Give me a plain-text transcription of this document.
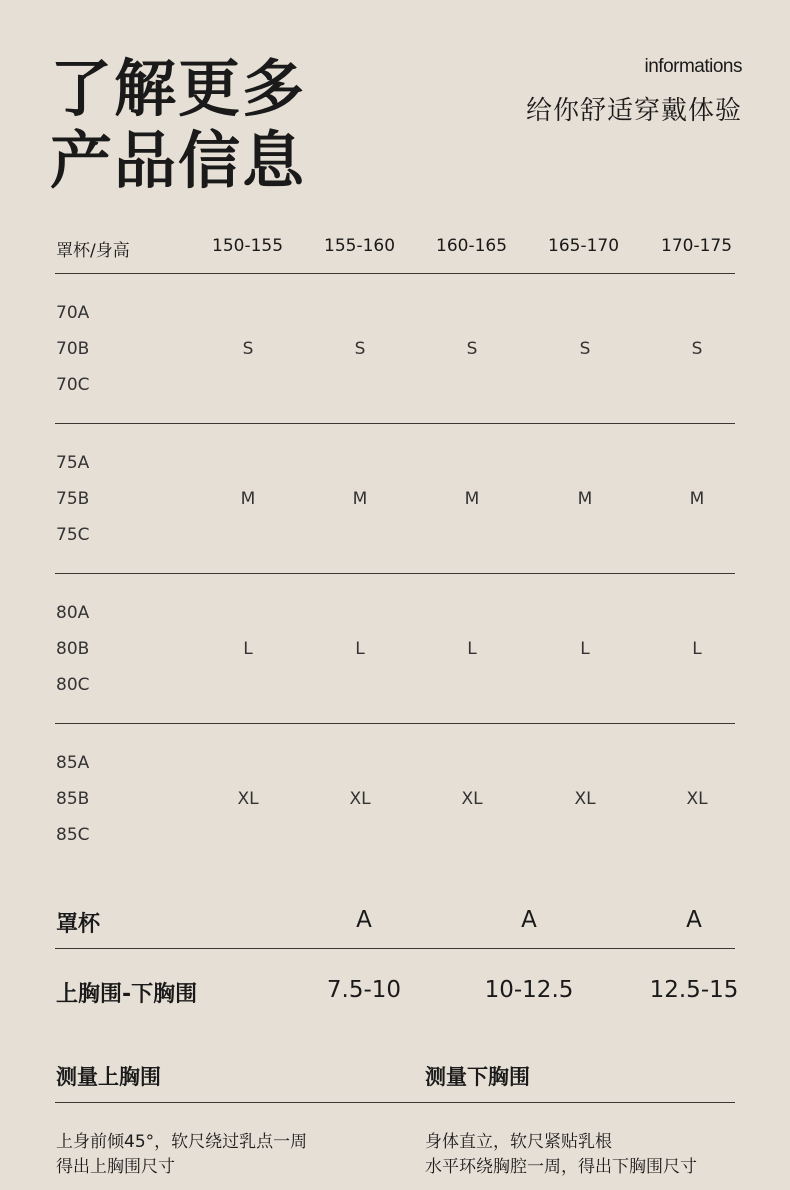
了解更多
产品信息
informations
给你舒适穿戴体验
罩杯/身高	150-155 155-160 160-165 165-170 170-175
70A
70B
70C
S	S	S	S	S
75A
75B
75C
M	M	M	M	M
80A
80B
80C
L	L	L	L	L
85A
85B
85C
XL	XL	XL	XL	XL
罩杯	A	A	A
上胸围-下胸围	7.5-10	10-12.5	12.5-15
测量上胸围	测量下胸围
上身前倾45°，软尺绕过乳点一周
得出上胸围尺寸
身体直立，软尺紧贴乳根
水平环绕胸腔一周，得出下胸围尺寸
